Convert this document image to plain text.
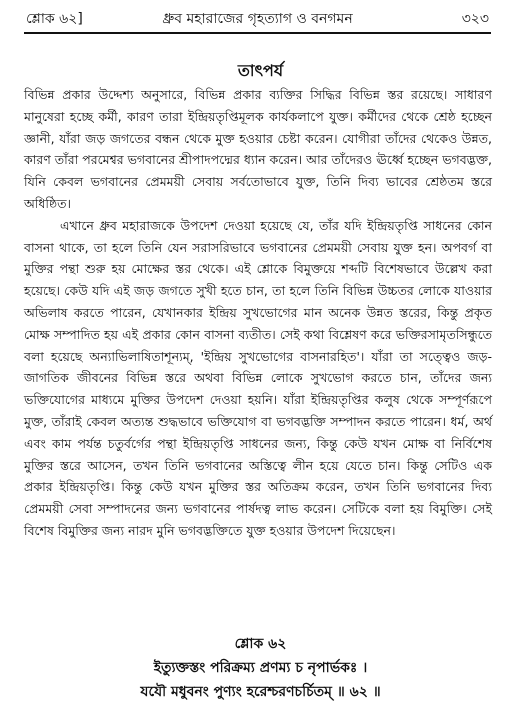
শ্লোক ৬২]	ধ্রুব মহারাজের গৃহত্যাগ ও বনগমন	৩২৩
তাৎপর্য

বিভিন্ন প্রকার উদ্দেশ্য অনুসারে, বিভিন্ন প্রকার ব্যক্তির সিদ্ধির বিভিন্ন স্তর রয়েছে। সাধারণ মানুষেরা হচ্ছে কর্মী, কারণ তারা ইন্দ্রিয়তৃপ্তিমূলক কার্যকলাপে যুক্ত। কর্মীদের থেকে শ্রেষ্ঠ হচ্ছেন জ্ঞানী, যাঁরা জড় জগতের বন্ধন থেকে মুক্ত হওয়ার চেষ্টা করেন। যোগীরা তাঁদের থেকেও উন্নত, কারণ তাঁরা পরমেশ্বর ভগবানের শ্রীপাদপদ্মের ধ্যান করেন। আর তাঁদেরও ঊর্ধ্বে হচ্ছেন ভগবদ্ভক্ত, যিনি কেবল ভগবানের প্রেমময়ী সেবায় সর্বতোভাবে যুক্ত, তিনি দিব্য ভাবের শ্রেষ্ঠতম স্তরে অধিষ্ঠিত।

এখানে ধ্রুব মহারাজকে উপদেশ দেওয়া হয়েছে যে, তাঁর যদি ইন্দ্রিয়তৃপ্তি সাধনের কোন বাসনা থাকে, তা হলে তিনি যেন সরাসরিভাবে ভগবানের প্রেমময়ী সেবায় যুক্ত হন। অপবর্গ বা মুক্তির পন্থা শুরু হয় মোক্ষের স্তর থেকে। এই শ্লোকে বিমুক্তয়ে শব্দটি বিশেষভাবে উল্লেখ করা হয়েছে। কেউ যদি এই জড় জগতে সুখী হতে চান, তা হলে তিনি বিভিন্ন উচ্চতর লোকে যাওয়ার অভিলাষ করতে পারেন, যেখানকার ইন্দ্রিয় সুখভোগের মান অনেক উন্নত স্তরের, কিন্তু প্রকৃত মোক্ষ সম্পাদিত হয় এই প্রকার কোন বাসনা ব্যতীত। সেই কথা বিশ্লেষণ করে ভক্তিরসামৃতসিন্ধুতে বলা হয়েছে অন্যাভিলাষিতাশূন্যম্, 'ইন্দ্রিয় সুখভোগের বাসনারহিত'। যাঁরা তা সত্ত্বেও জড়-জাগতিক জীবনের বিভিন্ন স্তরে অথবা বিভিন্ন লোকে সুখভোগ করতে চান, তাঁদের জন্য ভক্তিযোগের মাধ্যমে মুক্তির উপদেশ দেওয়া হয়নি। যাঁরা ইন্দ্রিয়তৃপ্তির কলুষ থেকে সম্পূর্ণরূপে মুক্ত, তাঁরাই কেবল অত্যন্ত শুদ্ধভাবে ভক্তিযোগ বা ভগবদ্ভক্তি সম্পাদন করতে পারেন। ধর্ম, অর্থ এবং কাম পর্যন্ত চতুর্বর্গের পন্থা ইন্দ্রিয়তৃপ্তি সাধনের জন্য, কিন্তু কেউ যখন মোক্ষ বা নির্বিশেষ মুক্তির স্তরে আসেন, তখন তিনি ভগবানের অস্তিত্বে লীন হয়ে যেতে চান। কিন্তু সেটিও এক প্রকার ইন্দ্রিয়তৃপ্তি। কিন্তু কেউ যখন মুক্তির স্তর অতিক্রম করেন, তখন তিনি ভগবানের দিব্য প্রেমময়ী সেবা সম্পাদনের জন্য ভগবানের পার্ষদত্ব লাভ করেন। সেটিকে বলা হয় বিমুক্তি। সেই বিশেষ বিমুক্তির জন্য নারদ মুনি ভগবদ্ভক্তিতে যুক্ত হওয়ার উপদেশ দিয়েছেন।

শ্লোক ৬২
ইত্যুক্তস্তং পরিক্রম্য প্রণম্য চ নৃপার্ভকঃ ।
যযৌ মধুবনং পুণ্যং হরেশ্চরণচর্চিতম্‌ ॥ ৬২ ॥
